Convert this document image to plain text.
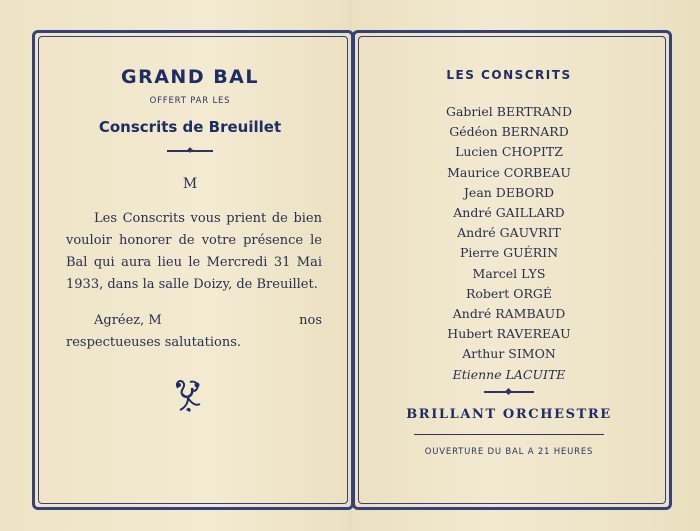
GRAND BAL
OFFERT PAR LES
Conscrits de Breuillet
M
Les Conscrits vous prient de bien vouloir honorer de votre présence le Bal qui aura lieu le Mercredi 31 Mai 1933, dans la salle Doizy, de Breuillet.
Agréez, M	nos
respectueuses salutations.
LES CONSCRITS
Gabriel BERTRAND
Gédéon BERNARD
Lucien CHOPITZ
Maurice CORBEAU
Jean DEBORD
André GAILLARD
André GAUVRIT
Pierre GUÉRIN
Marcel LYS
Robert ORGÉ
André RAMBAUD
Hubert RAVEREAU
Arthur SIMON
Etienne LACUITE
BRILLANT ORCHESTRE
OUVERTURE DU BAL A 21 HEURES
